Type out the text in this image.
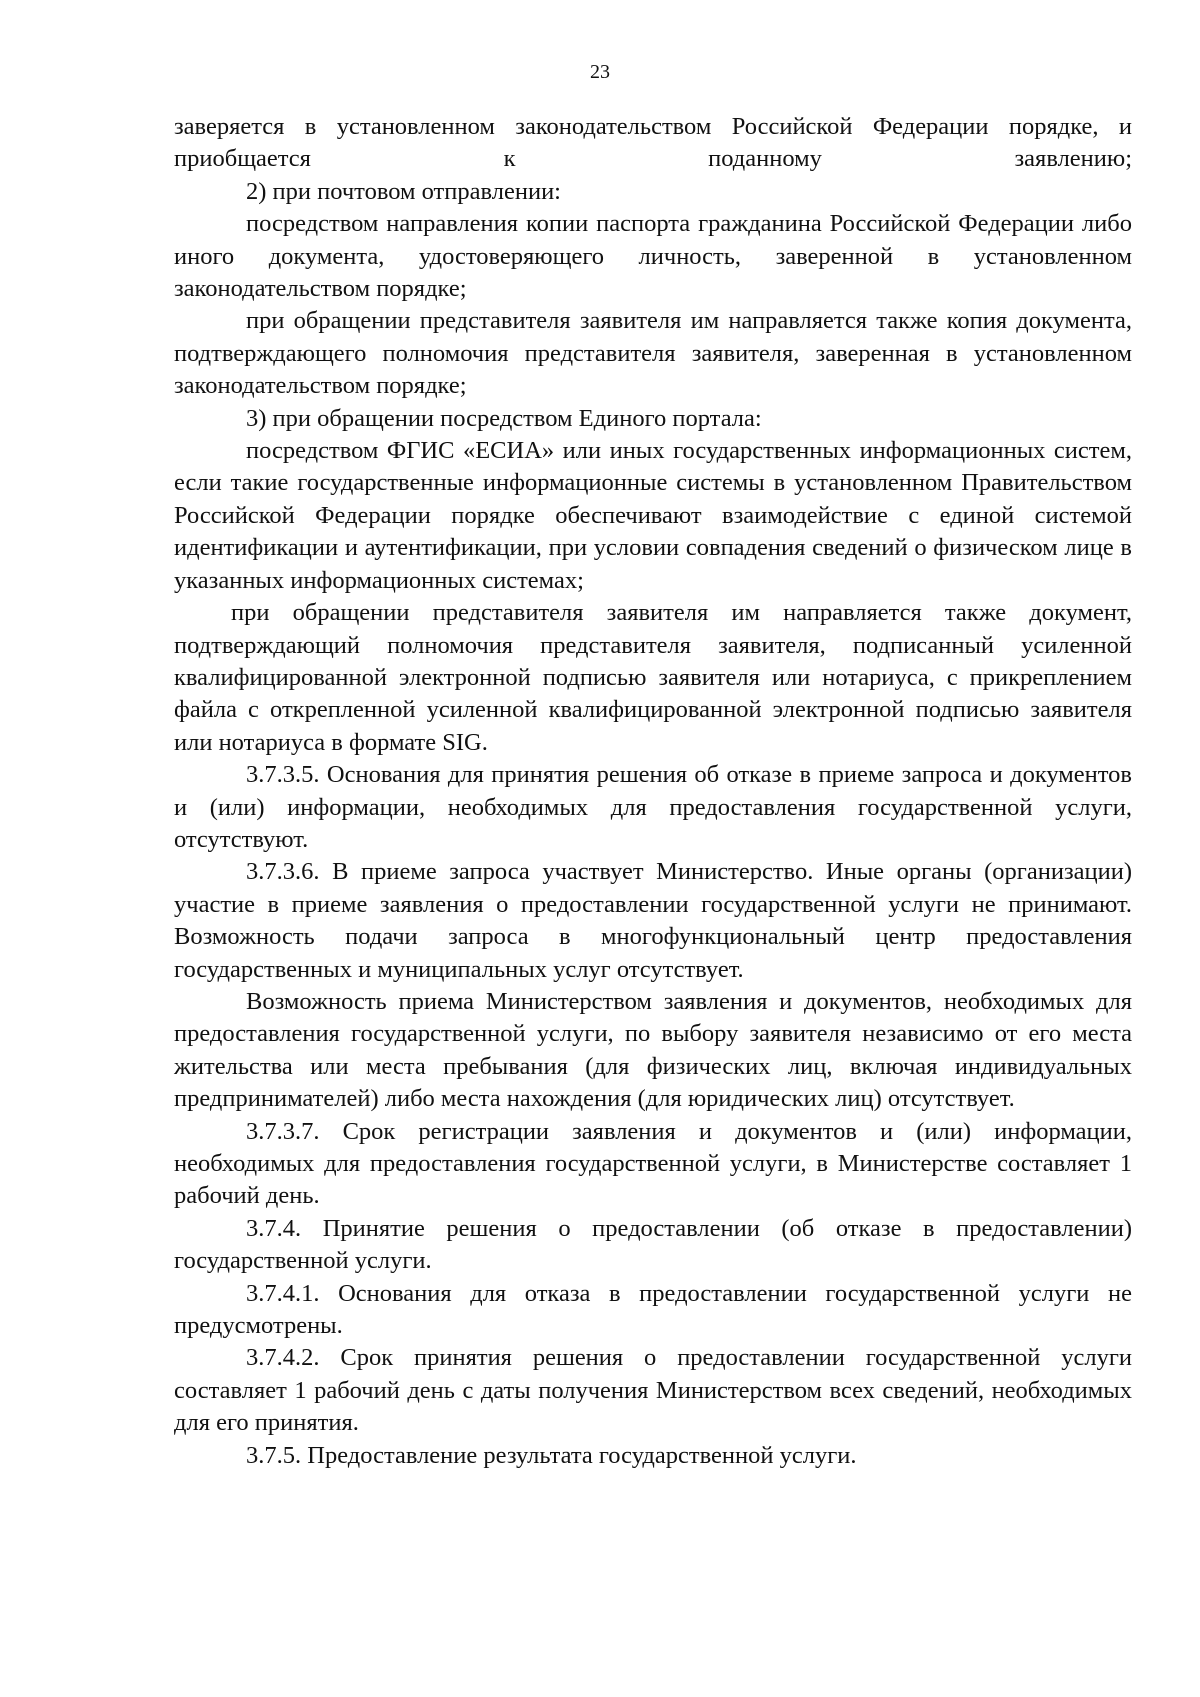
23

заверяется в установленном законодательством Российской Федерации порядке, и приобщается к поданному заявлению;

2) при почтовом отправлении:

посредством направления копии паспорта гражданина Российской Федерации либо иного документа, удостоверяющего личность, заверенной в установленном законодательством порядке;

при обращении представителя заявителя им направляется также копия документа, подтверждающего полномочия представителя заявителя, заверенная в установленном законодательством порядке;

3) при обращении посредством Единого портала:

посредством ФГИС «ЕСИА» или иных государственных информационных систем, если такие государственные информационные системы в установленном Правительством Российской Федерации порядке обеспечивают взаимодействие с единой системой идентификации и аутентификации, при условии совпадения сведений о физическом лице в указанных информационных системах;

при обращении представителя заявителя им направляется также документ, подтверждающий полномочия представителя заявителя, подписанный усиленной квалифицированной электронной подписью заявителя или нотариуса, с прикреплением файла с открепленной усиленной квалифицированной электронной подписью заявителя или нотариуса в формате SIG.

3.7.3.5. Основания для принятия решения об отказе в приеме запроса и документов и (или) информации, необходимых для предоставления государственной услуги, отсутствуют.

3.7.3.6. В приеме запроса участвует Министерство. Иные органы (организации) участие в приеме заявления о предоставлении государственной услуги не принимают. Возможность подачи запроса в многофункциональный центр предоставления государственных и муниципальных услуг отсутствует.

Возможность приема Министерством заявления и документов, необходимых для предоставления государственной услуги, по выбору заявителя независимо от его места жительства или места пребывания (для физических лиц, включая индивидуальных предпринимателей) либо места нахождения (для юридических лиц) отсутствует.

3.7.3.7. Срок регистрации заявления и документов и (или) информации, необходимых для предоставления государственной услуги, в Министерстве составляет 1 рабочий день.

3.7.4. Принятие решения о предоставлении (об отказе в предоставлении) государственной услуги.

3.7.4.1. Основания для отказа в предоставлении государственной услуги не предусмотрены.

3.7.4.2. Срок принятия решения о предоставлении государственной услуги составляет 1 рабочий день с даты получения Министерством всех сведений, необходимых для его принятия.

3.7.5. Предоставление результата государственной услуги.
